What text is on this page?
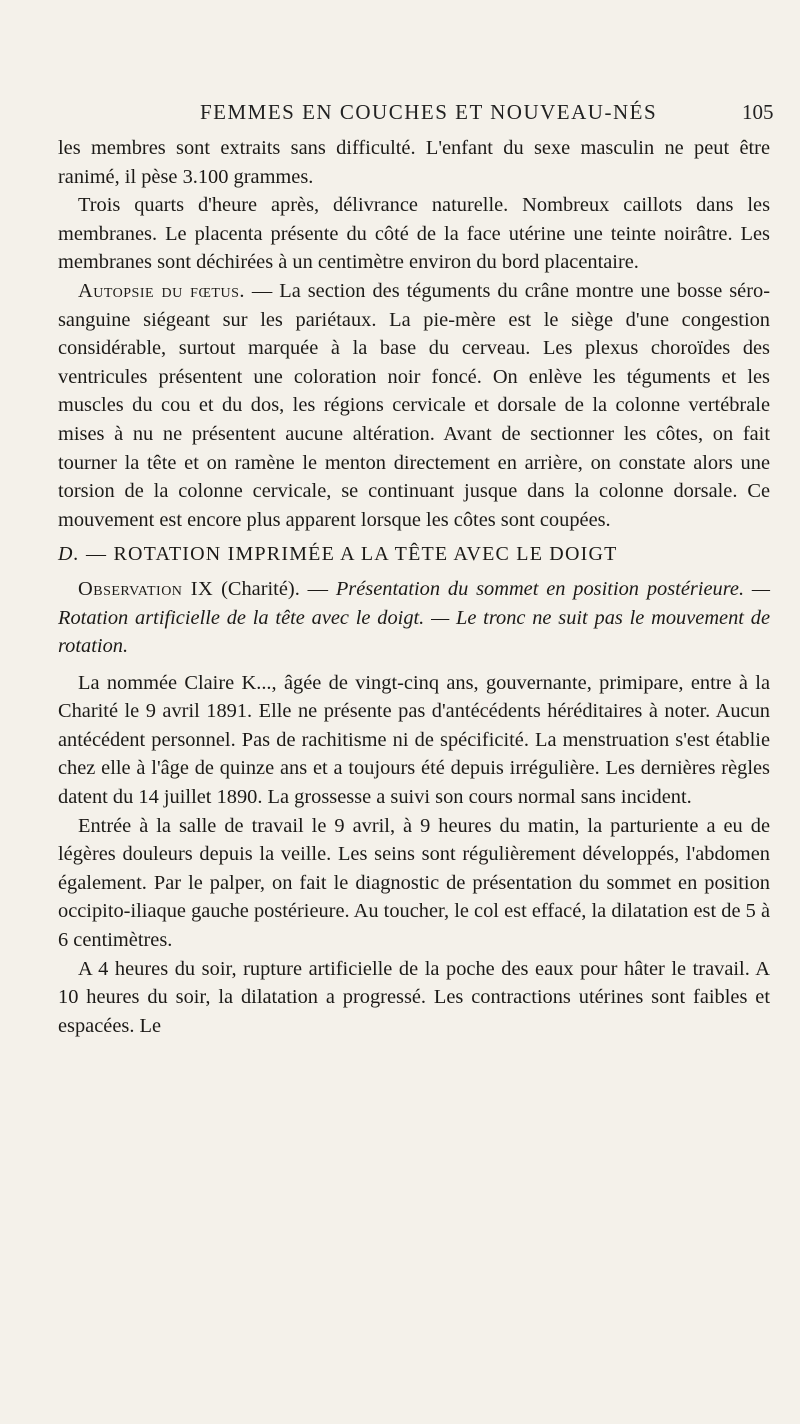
FEMMES EN COUCHES ET NOUVEAU-NÉS	105

les membres sont extraits sans difficulté. L'enfant du sexe masculin ne peut être ranimé, il pèse 3.100 grammes.

Trois quarts d'heure après, délivrance naturelle. Nombreux caillots dans les membranes. Le placenta présente du côté de la face utérine une teinte noirâtre. Les membranes sont déchirées à un centimètre environ du bord placentaire.

Autopsie du fœtus. — La section des téguments du crâne montre une bosse séro-sanguine siégeant sur les pariétaux. La pie-mère est le siège d'une congestion considérable, surtout marquée à la base du cerveau. Les plexus choroïdes des ventricules présentent une coloration noir foncé. On enlève les téguments et les muscles du cou et du dos, les régions cervicale et dorsale de la colonne vertébrale mises à nu ne présentent aucune altération. Avant de sectionner les côtes, on fait tourner la tête et on ramène le menton directement en arrière, on constate alors une torsion de la colonne cervicale, se continuant jusque dans la colonne dorsale. Ce mouvement est encore plus apparent lorsque les côtes sont coupées.

D. — ROTATION IMPRIMÉE A LA TÊTE AVEC LE DOIGT

Observation IX (Charité). — Présentation du sommet en position postérieure. — Rotation artificielle de la tête avec le doigt. — Le tronc ne suit pas le mouvement de rotation.

La nommée Claire K..., âgée de vingt-cinq ans, gouvernante, primipare, entre à la Charité le 9 avril 1891. Elle ne présente pas d'antécédents héréditaires à noter. Aucun antécédent personnel. Pas de rachitisme ni de spécificité. La menstruation s'est établie chez elle à l'âge de quinze ans et a toujours été depuis irrégulière. Les dernières règles datent du 14 juillet 1890. La grossesse a suivi son cours normal sans incident.

Entrée à la salle de travail le 9 avril, à 9 heures du matin, la parturiente a eu de légères douleurs depuis la veille. Les seins sont régulièrement développés, l'abdomen également. Par le palper, on fait le diagnostic de présentation du sommet en position occipito-iliaque gauche postérieure. Au toucher, le col est effacé, la dilatation est de 5 à 6 centimètres.

A 4 heures du soir, rupture artificielle de la poche des eaux pour hâter le travail. A 10 heures du soir, la dilatation a progressé. Les contractions utérines sont faibles et espacées. Le
